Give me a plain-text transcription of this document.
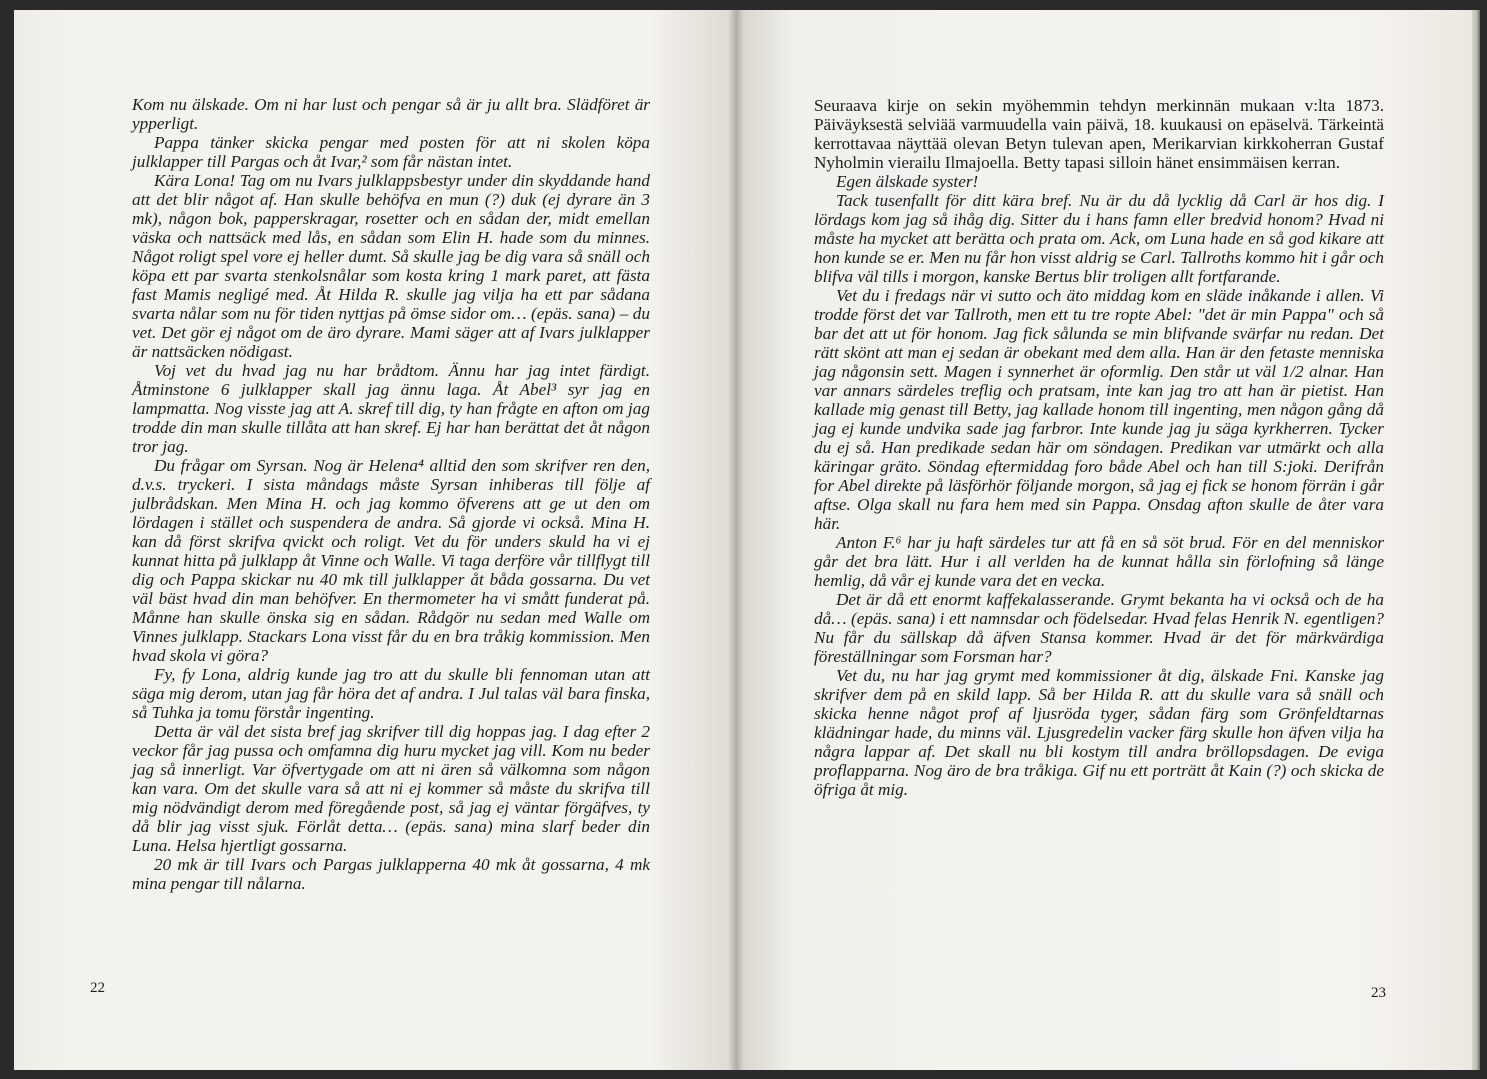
Kom nu älskade. Om ni har lust och pengar så är ju allt bra. Slädföret är ypperligt.

Pappa tänker skicka pengar med posten för att ni skolen köpa julklapper till Pargas och åt Ivar,² som får nästan intet.

Kära Lona! Tag om nu Ivars julklappsbestyr under din skyddande hand att det blir något af. Han skulle behöfva en mun (?) duk (ej dyrare än 3 mk), någon bok, papperskragar, rosetter och en sådan der, midt emellan väska och nattsäck med lås, en sådan som Elin H. hade som du minnes. Något roligt spel vore ej heller dumt. Så skulle jag be dig vara så snäll och köpa ett par svarta stenkolsnålar som kosta kring 1 mark paret, att fästa fast Mamis negligé med. Åt Hilda R. skulle jag vilja ha ett par sådana svarta nålar som nu för tiden nyttjas på ömse sidor om… (epäs. sana) – du vet. Det gör ej något om de äro dyrare. Mami säger att af Ivars julklapper är nattsäcken nödigast.

Voj vet du hvad jag nu har brådtom. Ännu har jag intet färdigt. Åtminstone 6 julklapper skall jag ännu laga. Åt Abel³ syr jag en lampmatta. Nog visste jag att A. skref till dig, ty han frågte en afton om jag trodde din man skulle tillåta att han skref. Ej har han berättat det åt någon tror jag.

Du frågar om Syrsan. Nog är Helena⁴ alltid den som skrifver ren den, d.v.s. tryckeri. I sista måndags måste Syrsan inhiberas till följe af julbrådskan. Men Mina H. och jag kommo öfverens att ge ut den om lördagen i stället och suspendera de andra. Så gjorde vi också. Mina H. kan då först skrifva qvickt och roligt. Vet du för unders skuld ha vi ej kunnat hitta på julklapp åt Vinne och Walle. Vi taga derföre vår tillflygt till dig och Pappa skickar nu 40 mk till julklapper åt båda gossarna. Du vet väl bäst hvad din man behöfver. En thermometer ha vi smått funderat på. Månne han skulle önska sig en sådan. Rådgör nu sedan med Walle om Vinnes julklapp. Stackars Lona visst får du en bra tråkig kommission. Men hvad skola vi göra?

Fy, fy Lona, aldrig kunde jag tro att du skulle bli fennoman utan att säga mig derom, utan jag får höra det af andra. I Jul talas väl bara finska, så Tuhka ja tomu förstår ingenting.

Detta är väl det sista bref jag skrifver till dig hoppas jag. I dag efter 2 veckor får jag pussa och omfamna dig huru mycket jag vill. Kom nu beder jag så innerligt. Var öfvertygade om att ni ären så välkomna som någon kan vara. Om det skulle vara så att ni ej kommer så måste du skrifva till mig nödvändigt derom med föregående post, så jag ej väntar förgäfves, ty då blir jag visst sjuk. Förlåt detta… (epäs. sana) mina slarf beder din Luna. Helsa hjertligt gossarna.

20 mk är till Ivars och Pargas julklapperna 40 mk åt gossarna, 4 mk mina pengar till nålarna.

22

Seuraava kirje on sekin myöhemmin tehdyn merkinnän mukaan v:lta 1873. Päiväyksestä selviää varmuudella vain päivä, 18. kuukausi on epäselvä. Tärkeintä kerrottavaa näyttää olevan Betyn tulevan apen, Merikarvian kirkkoherran Gustaf Nyholmin vierailu Ilmajoella. Betty tapasi silloin hänet ensimmäisen kerran.

Egen älskade syster!

Tack tusenfallt för ditt kära bref. Nu är du då lycklig då Carl är hos dig. I lördags kom jag så ihåg dig. Sitter du i hans famn eller bredvid honom? Hvad ni måste ha mycket att berätta och prata om. Ack, om Luna hade en så god kikare att hon kunde se er. Men nu får hon visst aldrig se Carl. Tallroths kommo hit i går och blifva väl tills i morgon, kanske Bertus blir troligen allt fortfarande.

Vet du i fredags när vi sutto och äto middag kom en släde inåkande i allen. Vi trodde först det var Tallroth, men ett tu tre ropte Abel: "det är min Pappa" och så bar det att ut för honom. Jag fick sålunda se min blifvande svärfar nu redan. Det rätt skönt att man ej sedan är obekant med dem alla. Han är den fetaste menniska jag någonsin sett. Magen i synnerhet är oformlig. Den står ut väl 1/2 alnar. Han var annars särdeles treflig och pratsam, inte kan jag tro att han är pietist. Han kallade mig genast till Betty, jag kallade honom till ingenting, men någon gång då jag ej kunde undvika sade jag farbror. Inte kunde jag ju säga kyrkherren. Tycker du ej så. Han predikade sedan här om söndagen. Predikan var utmärkt och alla käringar gräto. Söndag eftermiddag foro både Abel och han till S:joki. Derifrån for Abel direkte på läsförhör följande morgon, så jag ej fick se honom förrän i går aftse. Olga skall nu fara hem med sin Pappa. Onsdag afton skulle de åter vara här.

Anton F.⁶ har ju haft särdeles tur att få en så söt brud. För en del menniskor går det bra lätt. Hur i all verlden ha de kunnat hålla sin förlofning så länge hemlig, då vår ej kunde vara det en vecka.

Det är då ett enormt kaffekalasserande. Grymt bekanta ha vi också och de ha då… (epäs. sana) i ett namnsdar och födelsedar. Hvad felas Henrik N. egentligen? Nu får du sällskap då äfven Stansa kommer. Hvad är det för märkvärdiga föreställningar som Forsman har?

Vet du, nu har jag grymt med kommissioner åt dig, älskade Fni. Kanske jag skrifver dem på en skild lapp. Så ber Hilda R. att du skulle vara så snäll och skicka henne något prof af ljusröda tyger, sådan färg som Grönfeldtarnas klädningar hade, du minns väl. Ljusgredelin vacker färg skulle hon äfven vilja ha några lappar af. Det skall nu bli kostym till andra bröllopsdagen. De eviga proflapparna. Nog äro de bra tråkiga. Gif nu ett porträtt åt Kain (?) och skicka de öfriga åt mig.

23
